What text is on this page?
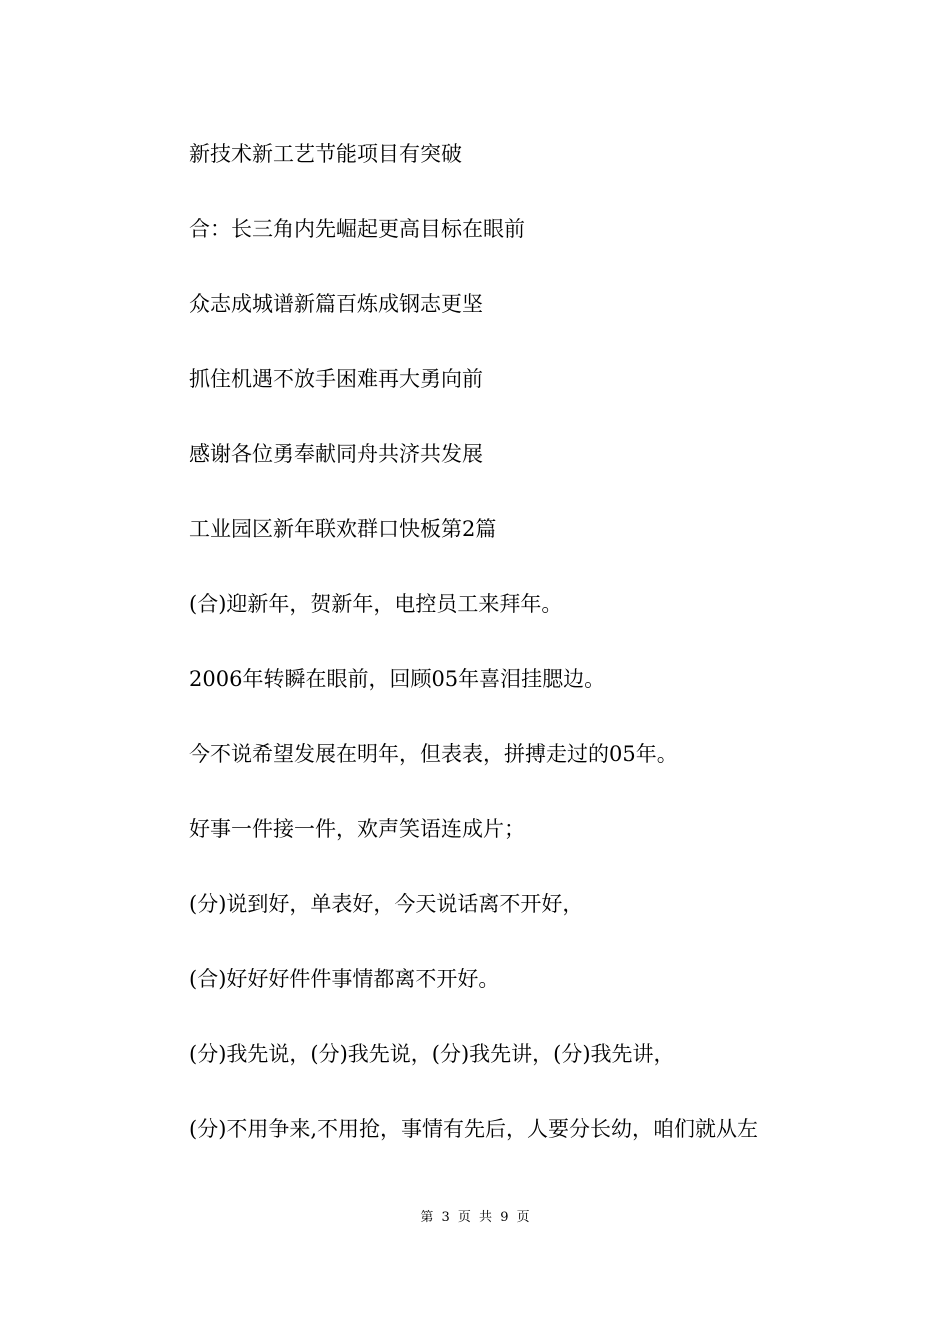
新技术新工艺节能项目有突破
合：长三角内先崛起更高目标在眼前
众志成城谱新篇百炼成钢志更坚
抓住机遇不放手困难再大勇向前
感谢各位勇奉献同舟共济共发展
工业园区新年联欢群口快板第2篇
(合)迎新年，贺新年，电控员工来拜年。
2006年转瞬在眼前，回顾05年喜泪挂腮边。
今不说希望发展在明年，但表表，拼搏走过的05年。
好事一件接一件，欢声笑语连成片；
(分)说到好，单表好，今天说话离不开好，
(合)好好好件件事情都离不开好。
(分)我先说，(分)我先说，(分)我先讲，(分)我先讲，
(分)不用争来,不用抢，事情有先后，人要分长幼，咱们就从左
第 3 页 共 9 页
